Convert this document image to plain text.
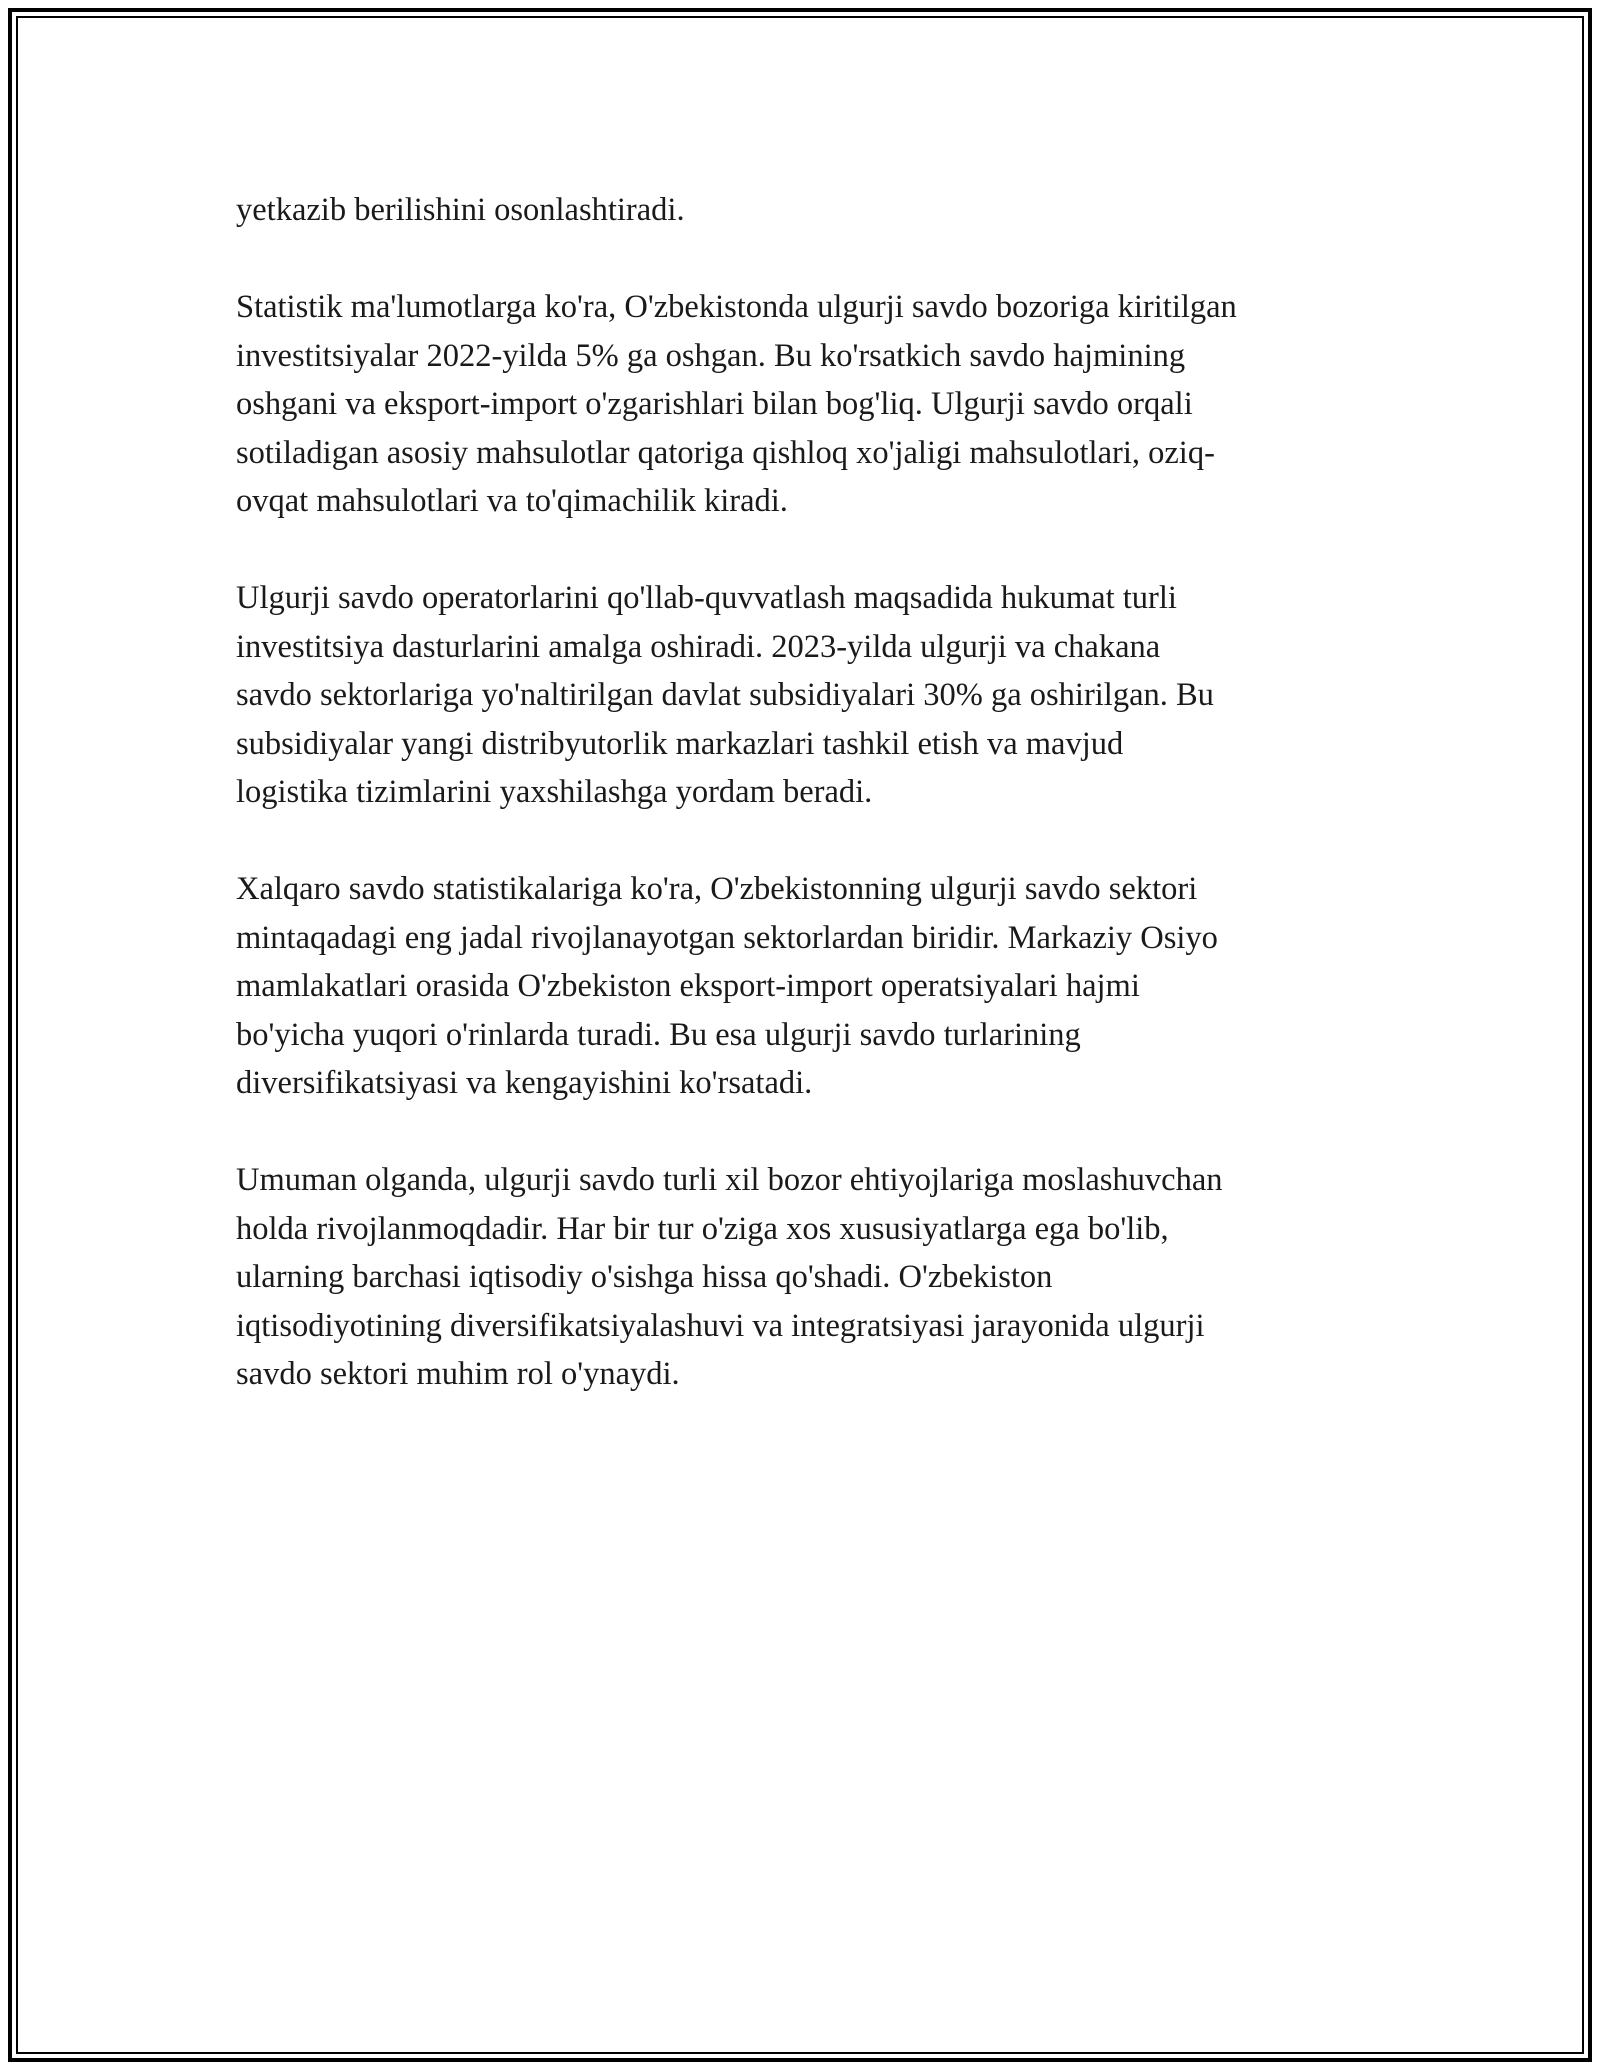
yetkazib berilishini osonlashtiradi.

Statistik ma'lumotlarga ko'ra, O'zbekistonda ulgurji savdo bozoriga kiritilgan
investitsiyalar 2022-yilda 5% ga oshgan. Bu ko'rsatkich savdo hajmining
oshgani va eksport-import o'zgarishlari bilan bog'liq. Ulgurji savdo orqali
sotiladigan asosiy mahsulotlar qatoriga qishloq xo'jaligi mahsulotlari, oziq-
ovqat mahsulotlari va to'qimachilik kiradi.

Ulgurji savdo operatorlarini qo'llab-quvvatlash maqsadida hukumat turli
investitsiya dasturlarini amalga oshiradi. 2023-yilda ulgurji va chakana
savdo sektorlariga yo'naltirilgan davlat subsidiyalari 30% ga oshirilgan. Bu
subsidiyalar yangi distribyutorlik markazlari tashkil etish va mavjud
logistika tizimlarini yaxshilashga yordam beradi.

Xalqaro savdo statistikalariga ko'ra, O'zbekistonning ulgurji savdo sektori
mintaqadagi eng jadal rivojlanayotgan sektorlardan biridir. Markaziy Osiyo
mamlakatlari orasida O'zbekiston eksport-import operatsiyalari hajmi
bo'yicha yuqori o'rinlarda turadi. Bu esa ulgurji savdo turlarining
diversifikatsiyasi va kengayishini ko'rsatadi.

Umuman olganda, ulgurji savdo turli xil bozor ehtiyojlariga moslashuvchan
holda rivojlanmoqdadir. Har bir tur o'ziga xos xususiyatlarga ega bo'lib,
ularning barchasi iqtisodiy o'sishga hissa qo'shadi. O'zbekiston
iqtisodiyotining diversifikatsiyalashuvi va integratsiyasi jarayonida ulgurji
savdo sektori muhim rol o'ynaydi.
